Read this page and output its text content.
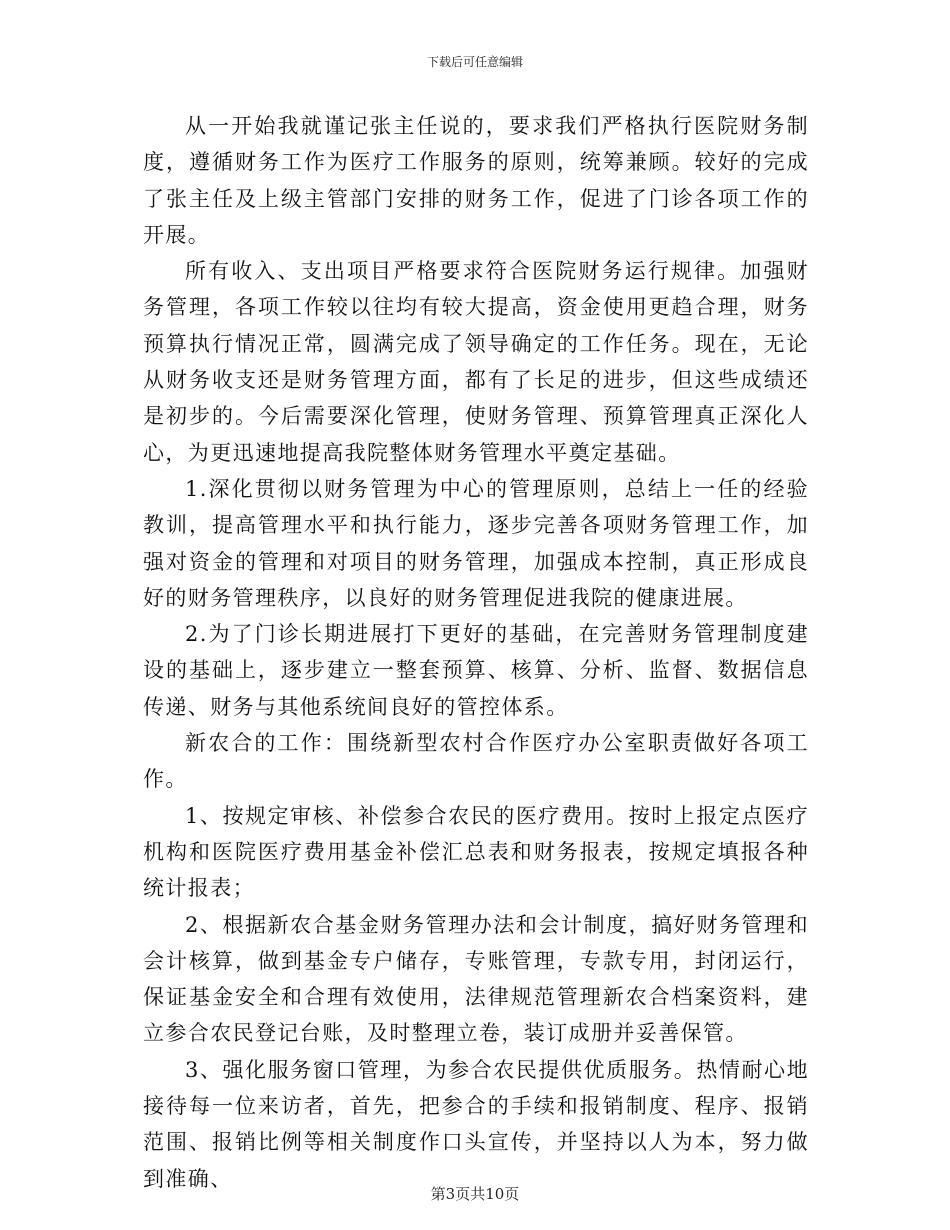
下载后可任意编辑

从一开始我就谨记张主任说的，要求我们严格执行医院财务制度，遵循财务工作为医疗工作服务的原则，统筹兼顾。较好的完成了张主任及上级主管部门安排的财务工作，促进了门诊各项工作的开展。

所有收入、支出项目严格要求符合医院财务运行规律。加强财务管理，各项工作较以往均有较大提高，资金使用更趋合理，财务预算执行情况正常，圆满完成了领导确定的工作任务。现在，无论从财务收支还是财务管理方面，都有了长足的进步，但这些成绩还是初步的。今后需要深化管理，使财务管理、预算管理真正深化人心，为更迅速地提高我院整体财务管理水平奠定基础。

1.深化贯彻以财务管理为中心的管理原则，总结上一任的经验教训，提高管理水平和执行能力，逐步完善各项财务管理工作，加强对资金的管理和对项目的财务管理，加强成本控制，真正形成良好的财务管理秩序，以良好的财务管理促进我院的健康进展。

2.为了门诊长期进展打下更好的基础，在完善财务管理制度建设的基础上，逐步建立一整套预算、核算、分析、监督、数据信息传递、财务与其他系统间良好的管控体系。

新农合的工作：围绕新型农村合作医疗办公室职责做好各项工作。

1、按规定审核、补偿参合农民的医疗费用。按时上报定点医疗机构和医院医疗费用基金补偿汇总表和财务报表，按规定填报各种统计报表；

2、根据新农合基金财务管理办法和会计制度，搞好财务管理和会计核算，做到基金专户储存，专账管理，专款专用，封闭运行，保证基金安全和合理有效使用，法律规范管理新农合档案资料，建立参合农民登记台账，及时整理立卷，装订成册并妥善保管。

3、强化服务窗口管理，为参合农民提供优质服务。热情耐心地接待每一位来访者，首先，把参合的手续和报销制度、程序、报销范围、报销比例等相关制度作口头宣传，并坚持以人为本，努力做到准确、

第3页共10页
